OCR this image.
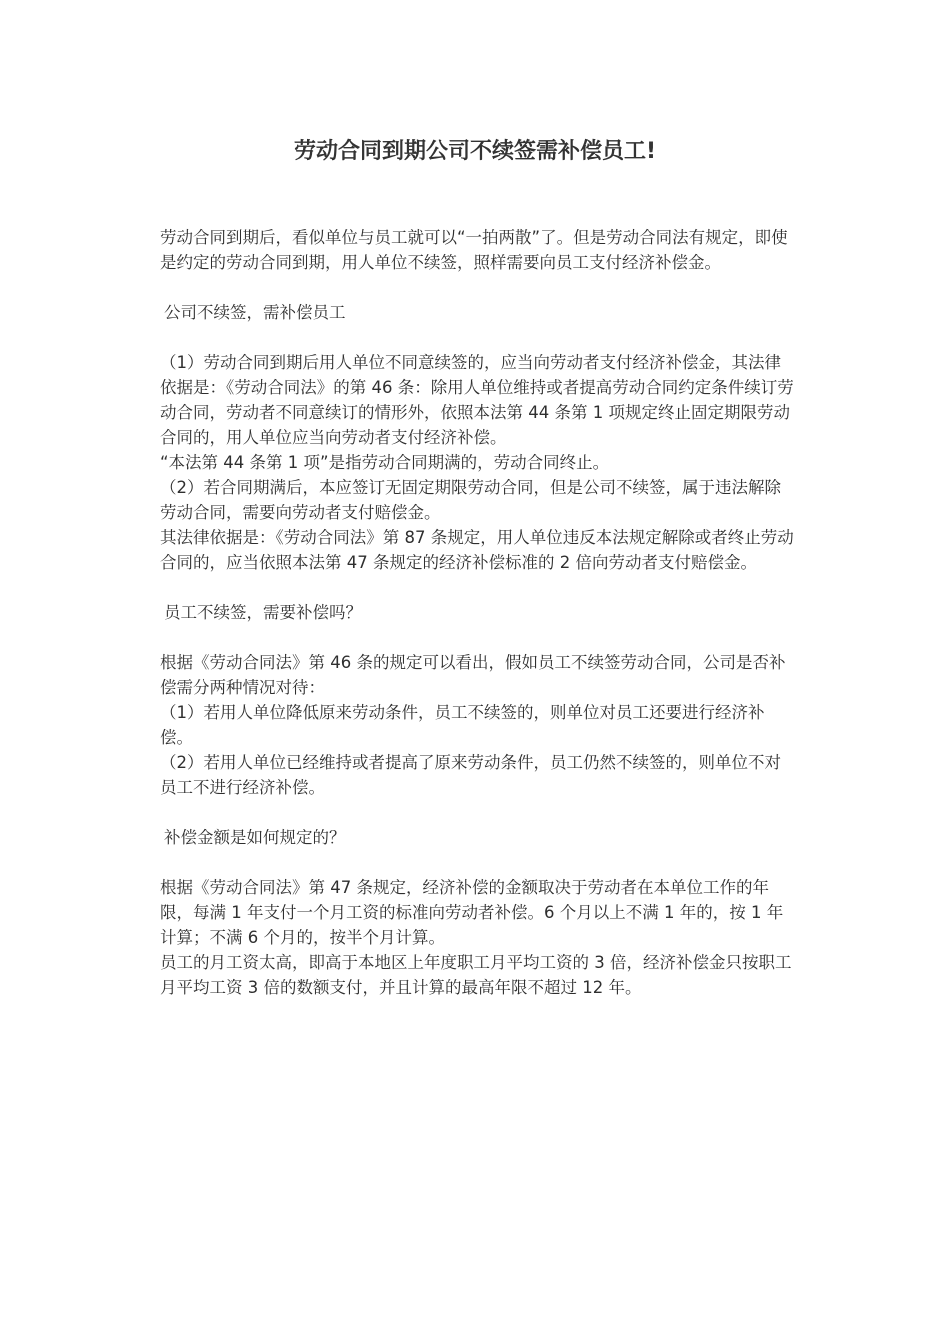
劳动合同到期公司不续签需补偿员工!

劳动合同到期后，看似单位与员工就可以“一拍两散”了。但是劳动合同法有规定，即使是约定的劳动合同到期，用人单位不续签，照样需要向员工支付经济补偿金。

公司不续签，需补偿员工

（1）劳动合同到期后用人单位不同意续签的，应当向劳动者支付经济补偿金，其法律依据是：《劳动合同法》的第 46 条：除用人单位维持或者提高劳动合同约定条件续订劳动合同，劳动者不同意续订的情形外，依照本法第 44 条第 1 项规定终止固定期限劳动合同的，用人单位应当向劳动者支付经济补偿。

“本法第 44 条第 1 项”是指劳动合同期满的，劳动合同终止。

（2）若合同期满后，本应签订无固定期限劳动合同，但是公司不续签，属于违法解除劳动合同，需要向劳动者支付赔偿金。

其法律依据是：《劳动合同法》第 87 条规定，用人单位违反本法规定解除或者终止劳动合同的，应当依照本法第 47 条规定的经济补偿标准的 2 倍向劳动者支付赔偿金。

员工不续签，需要补偿吗？

根据《劳动合同法》第 46 条的规定可以看出，假如员工不续签劳动合同，公司是否补偿需分两种情况对待：

（1）若用人单位降低原来劳动条件，员工不续签的，则单位对员工还要进行经济补偿。

（2）若用人单位已经维持或者提高了原来劳动条件，员工仍然不续签的，则单位不对员工不进行经济补偿。

补偿金额是如何规定的？

根据《劳动合同法》第 47 条规定，经济补偿的金额取决于劳动者在本单位工作的年限，每满 1 年支付一个月工资的标准向劳动者补偿。6 个月以上不满 1 年的，按 1 年计算；不满 6 个月的，按半个月计算。

员工的月工资太高，即高于本地区上年度职工月平均工资的 3 倍，经济补偿金只按职工月平均工资 3 倍的数额支付，并且计算的最高年限不超过 12 年。
